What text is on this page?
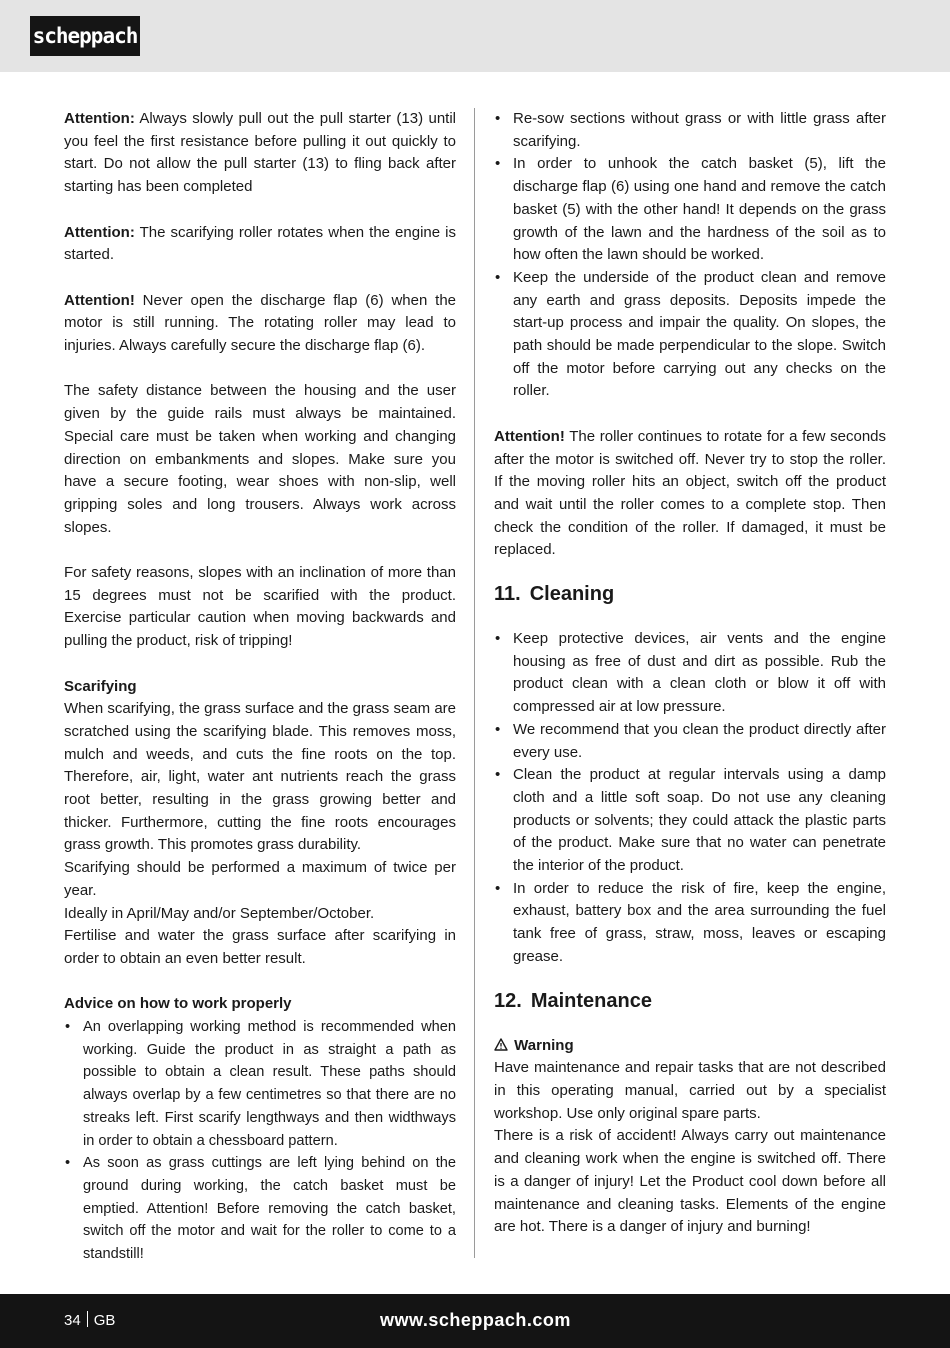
scheppach

Attention: Always slowly pull out the pull starter (13) until you feel the first resistance before pulling it out quickly to start. Do not allow the pull starter (13) to fling back after starting has been completed

Attention: The scarifying roller rotates when the engine is started.

Attention! Never open the discharge flap (6) when the motor is still running. The rotating roller may lead to injuries. Always carefully secure the discharge flap (6).

The safety distance between the housing and the user given by the guide rails must always be maintained. Special care must be taken when working and changing direction on embankments and slopes. Make sure you have a secure footing, wear shoes with non-slip, well gripping soles and long trousers. Always work across slopes.

For safety reasons, slopes with an inclination of more than 15 degrees must not be scarified with the product. Exercise particular caution when moving backwards and pulling the product, risk of tripping!

Scarifying

When scarifying, the grass surface and the grass seam are scratched using the scarifying blade. This removes moss, mulch and weeds, and cuts the fine roots on the top. Therefore, air, light, water ant nutrients reach the grass root better, resulting in the grass growing better and thicker. Furthermore, cutting the fine roots encourages grass growth. This promotes grass durability.

Scarifying should be performed a maximum of twice per year.

Ideally in April/May and/or September/October.

Fertilise and water the grass surface after scarifying in order to obtain an even better result.

Advice on how to work properly
• An overlapping working method is recommended when working. Guide the product in as straight a path as possible to obtain a clean result. These paths should always overlap by a few centimetres so that there are no streaks left. First scarify lengthways and then widthways in order to obtain a chessboard pattern.
• As soon as grass cuttings are left lying behind on the ground during working, the catch basket must be emptied. Attention! Before removing the catch basket, switch off the motor and wait for the roller to come to a standstill!
• Re-sow sections without grass or with little grass after scarifying.
• In order to unhook the catch basket (5), lift the discharge flap (6) using one hand and remove the catch basket (5) with the other hand! It depends on the grass growth of the lawn and the hardness of the soil as to how often the lawn should be worked.
• Keep the underside of the product clean and remove any earth and grass deposits. Deposits impede the start-up process and impair the quality. On slopes, the path should be made perpendicular to the slope. Switch off the motor before carrying out any checks on the roller.

Attention! The roller continues to rotate for a few seconds after the motor is switched off. Never try to stop the roller. If the moving roller hits an object, switch off the product and wait until the roller comes to a complete stop. Then check the condition of the roller. If damaged, it must be replaced.

11. Cleaning
• Keep protective devices, air vents and the engine housing as free of dust and dirt as possible. Rub the product clean with a clean cloth or blow it off with compressed air at low pressure.
• We recommend that you clean the product directly after every use.
• Clean the product at regular intervals using a damp cloth and a little soft soap. Do not use any cleaning products or solvents; they could attack the plastic parts of the product. Make sure that no water can penetrate the interior of the product.
• In order to reduce the risk of fire, keep the engine, exhaust, battery box and the area surrounding the fuel tank free of grass, straw, moss, leaves or escaping grease.
12. Maintenance
Warning

Have maintenance and repair tasks that are not described in this operating manual, carried out by a specialist workshop. Use only original spare parts.

There is a risk of accident! Always carry out maintenance and cleaning work when the engine is switched off. There is a danger of injury! Let the Product cool down before all maintenance and cleaning tasks. Elements of the engine are hot. There is a danger of injury and burning!

34 GB	www.scheppach.com
